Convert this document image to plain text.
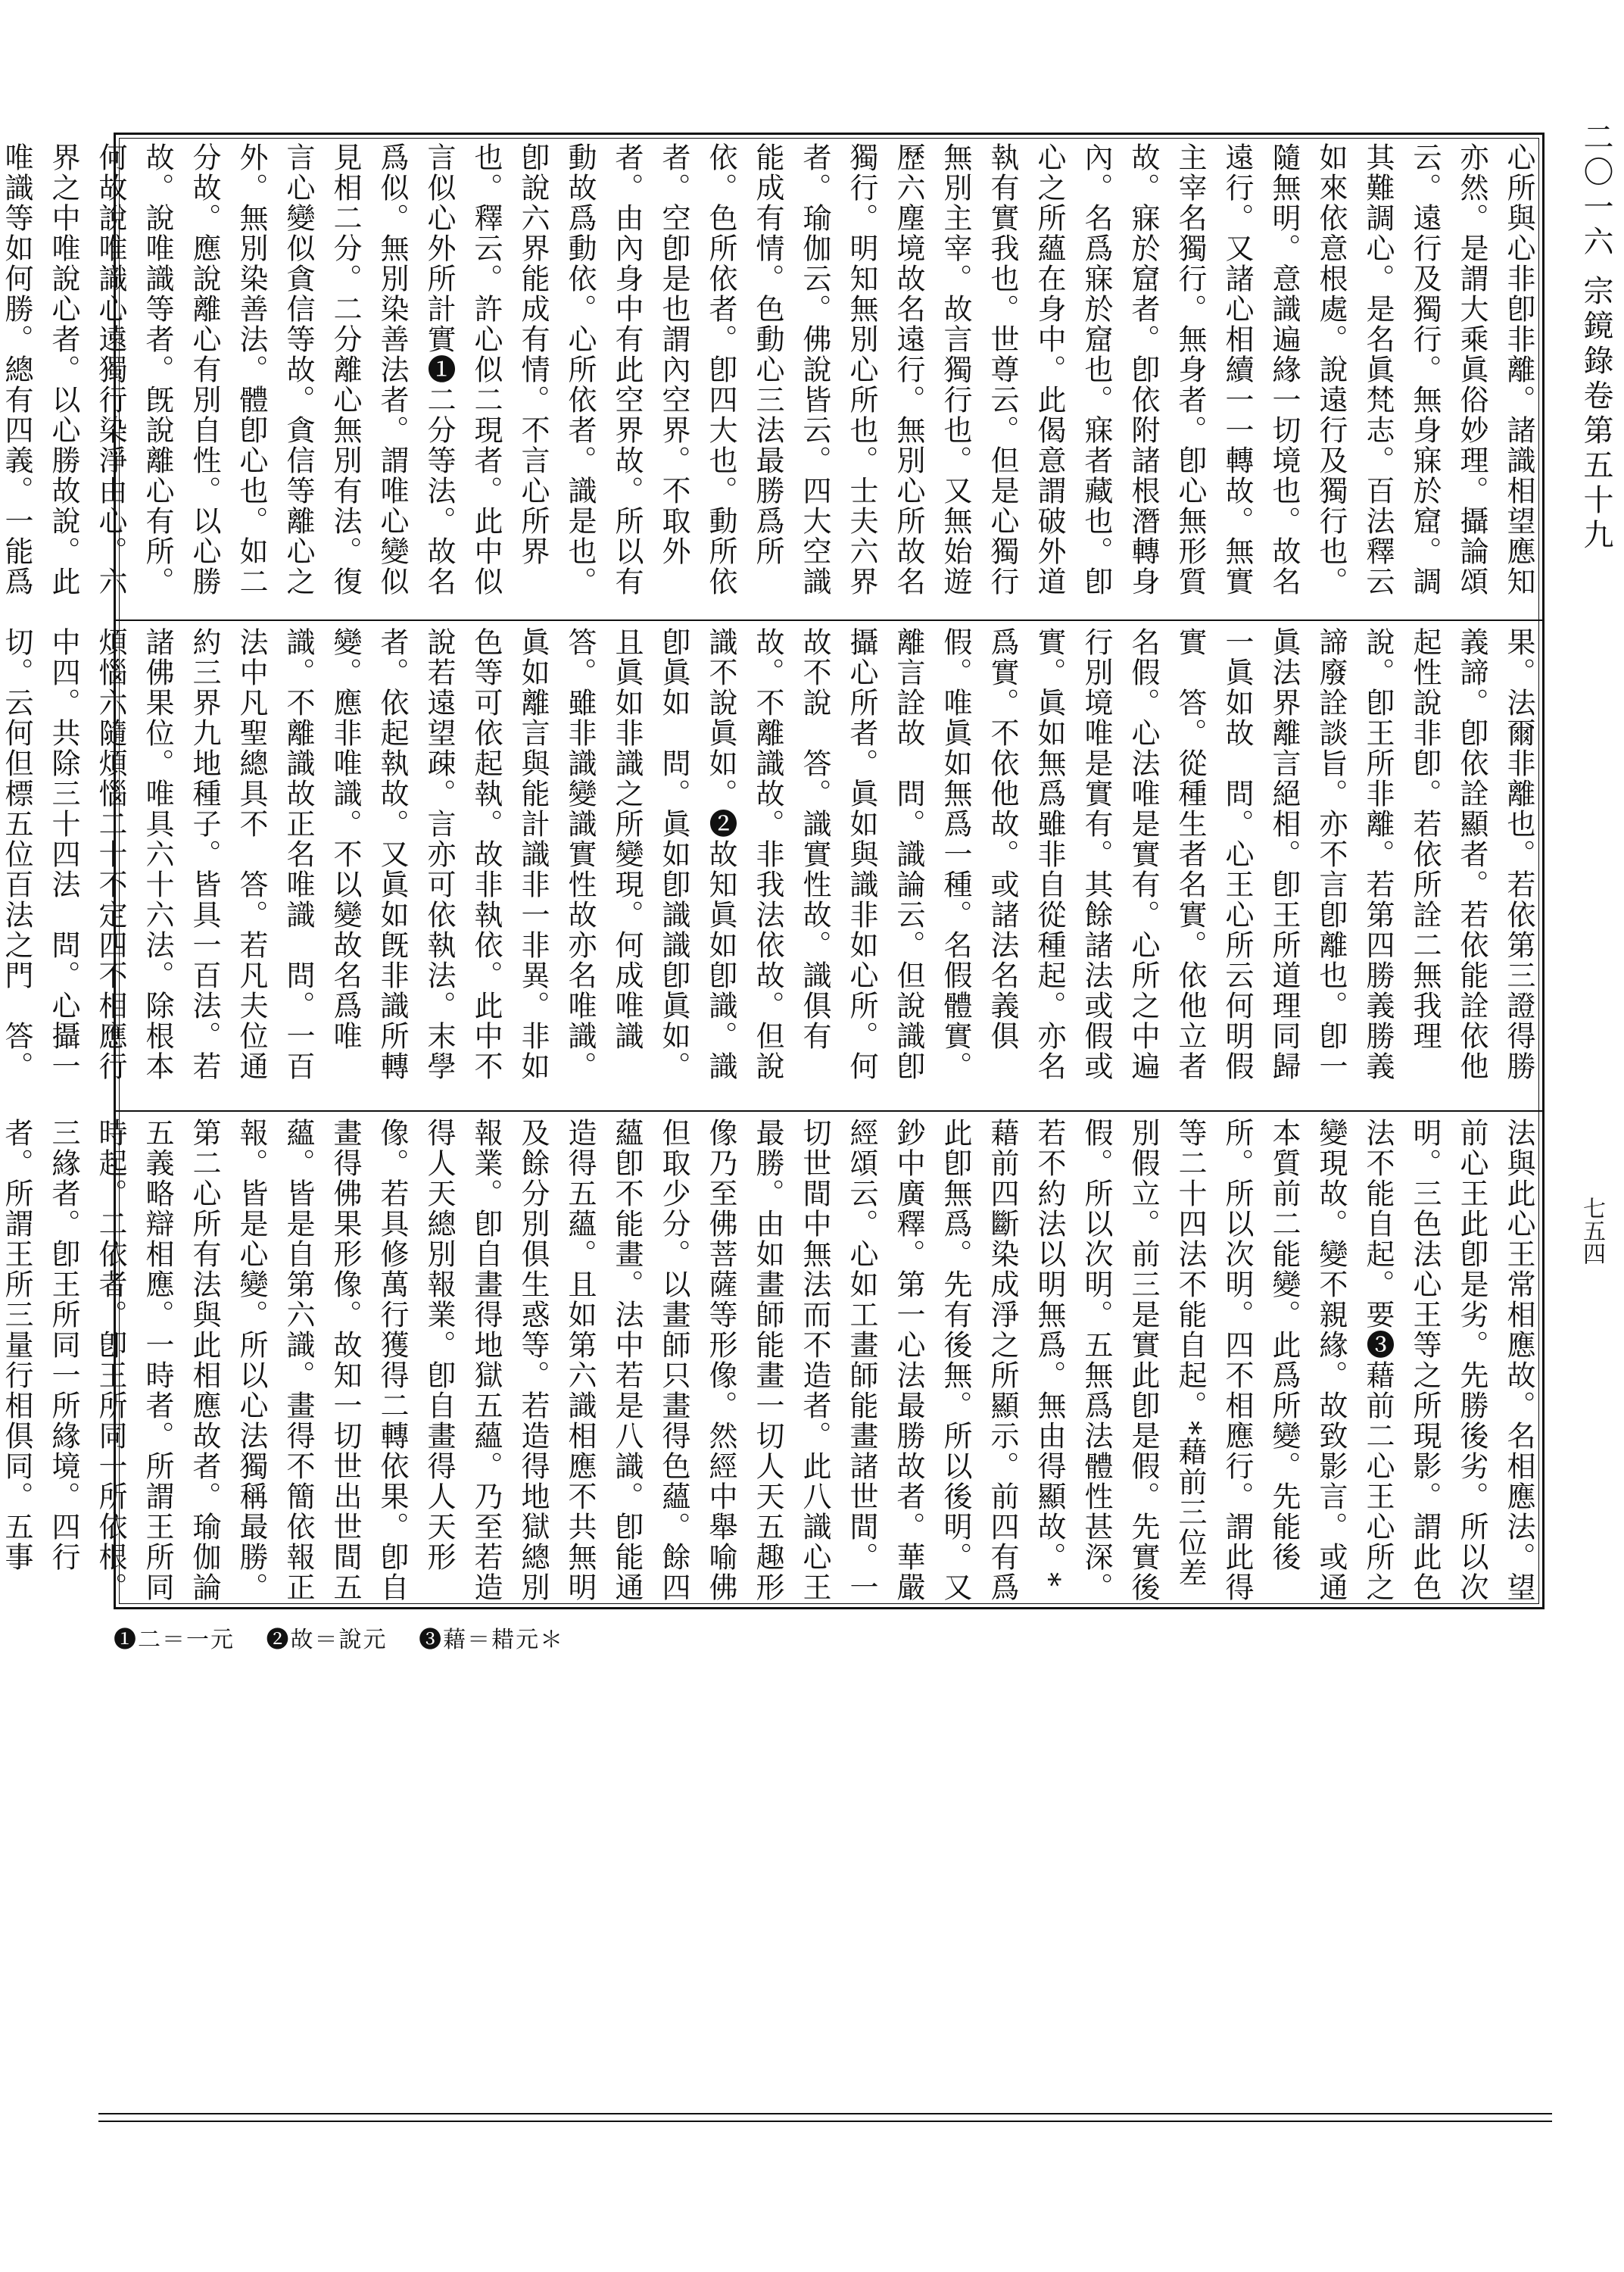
二〇一六 宗鏡錄卷第五十九
七五四
心所與心非卽非離。諸識相望應知亦然。是謂大乘眞俗妙理。攝論頌云。遠行及獨行。無身寐於窟。調其難調心。是名眞梵志。百法釋云如來依意根處。說遠行及獨行也。隨無明。意識遍緣一切境也。故名遠行。又諸心相續一一轉故。無實主宰名獨行。無身者。卽心無形質故。寐於窟者。卽依附諸根潛轉身內。名爲寐於窟也。寐者藏也。卽心之所蘊在身中。此偈意謂破外道執有實我也。世尊云。但是心獨行無別主宰。故言獨行也。又無始遊歷六塵境故名遠行。無別心所故名獨行。明知無別心所也。士夫六界者。瑜伽云。佛說皆云。四大空識能成有情。色動心三法最勝爲所依。色所依者。卽四大也。動所依者。空卽是也謂內空界。不取外者。由內身中有此空界故。所以有動故爲動依。心所依者。識是也。卽說六界能成有情。不言心所界也。釋云。許心似二現者。此中似言似心外所計實❶二分等法。故名爲似。無別染善法者。謂唯心變似見相二分。二分離心無別有法。復言心變似貪信等故。貪信等離心之外。無別染善法。體卽心也。如二分故。應說離心有別自性。以心勝故。說唯識等者。旣說離心有所。何故說唯識心遠獨行染淨由心。六界之中唯說心者。以心勝故說。此唯識等如何勝。總有四義。一能爲
果。法爾非離也。若依第三證得勝義諦。卽依詮顯者。若依能詮依他起性說非卽。若依所詮二無我理說。卽王所非離。若第四勝義勝義諦廢詮談旨。亦不言卽離也。卽一眞法界離言絕相。卽王所道理同歸一眞如故　問。心王心所云何明假實　答。從種生者名實。依他立者名假。心法唯是實有。心所之中遍行別境唯是實有。其餘諸法或假或實。眞如無爲雖非自從種起。亦名爲實。不依他故。或諸法名義俱假。唯眞如無爲一種。名假體實。離言詮故　問。識論云。但說識卽攝心所者。眞如與識非如心所。何故不說　答。識實性故。識俱有故。不離識故。非我法依故。但說識不說眞如。❷故知眞如卽識。識卽眞如　問。眞如卽識識卽眞如。且眞如非識之所變現。何成唯識　答。雖非識變識實性故亦名唯識。眞如離言與能計識非一非異。非如色等可依起執。故非執依。此中不說若遠望疎。言亦可依執法。末學者。依起執故。又眞如旣非識所轉變。應非唯識。不以變故名爲唯識。不離識故正名唯識　問。一百法中凡聖總具不　答。若凡夫位通約三界九地種子。皆具一百法。若諸佛果位。唯具六十六法。除根本煩惱六隨煩惱二十不定四不相應行中四。共除三十四法　問。心攝一切。云何但標五位百法之門　答。
法與此心王常相應故。名相應法。望前心王此卽是劣。先勝後劣。所以次明。三色法心王等之所現影。謂此色法不能自起。要❸藉前二心王心所之變現故。變不親緣。故致影言。或通本質前二能變。此爲所變。先能後所。所以次明。四不相應行。謂此得等二十四法不能自起。*藉前三位差別假立。前三是實此卽是假。先實後假。所以次明。五無爲法體性甚深。若不約法以明無爲。無由得顯故。*藉前四斷染成淨之所顯示。前四有爲此卽無爲。先有後無。所以後明。又鈔中廣釋。第一心法最勝故者。華嚴經頌云。心如工畫師能畫諸世間。一切世間中無法而不造者。此八識心王最勝。由如畫師能畫一切人天五趣形像乃至佛菩薩等形像。然經中舉喻佛但取少分。以畫師只畫得色蘊。餘四蘊卽不能畫。法中若是八識。卽能通造得五蘊。且如第六識相應不共無明及餘分別俱生惑等。若造得地獄總別報業。卽自畫得地獄五蘊。乃至若造得人天總別報業。卽自畫得人天形像。若具修萬行獲得二轉依果。卽自畫得佛果形像。故知一切世出世間五蘊。皆是自第六識。畫得不簡依報正報。皆是心變。所以心法獨稱最勝。第二心所有法與此相應故者。瑜伽論五義略辯相應。一時者。所謂王所同時起。二依者。卽王所同一所依根。三緣者。卽王所同一所緣境。四行者。所謂王所三量行相俱同。五事
❶二＝一元 ❷故＝說元 ❸藉＝耤元＊
